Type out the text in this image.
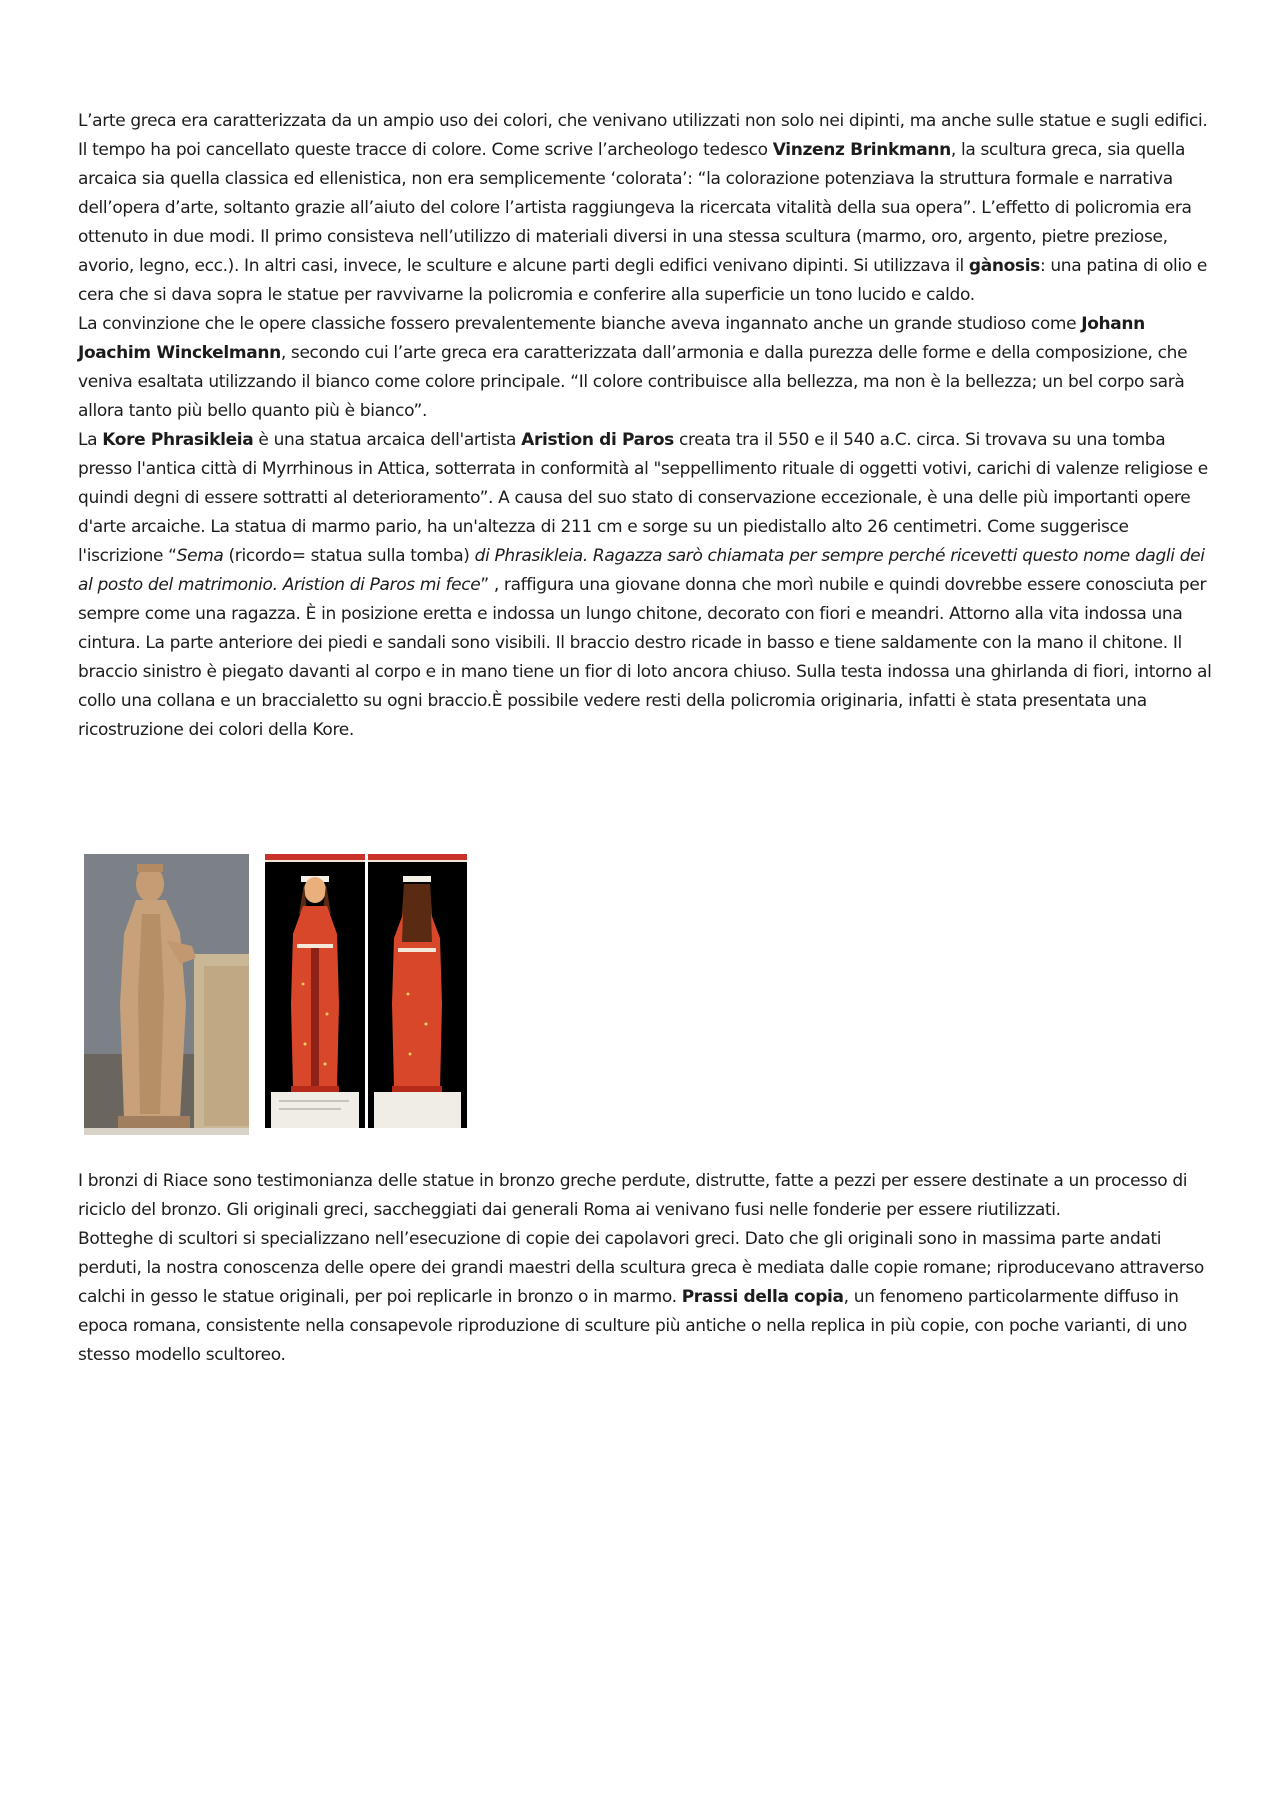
L’arte greca era caratterizzata da un ampio uso dei colori, che venivano utilizzati non solo nei dipinti, ma anche sulle statue e sugli edifici. Il tempo ha poi cancellato queste tracce di colore. Come scrive l’archeologo tedesco Vinzenz Brinkmann, la scultura greca, sia quella arcaica sia quella classica ed ellenistica, non era semplicemente ‘colorata’: “la colorazione potenziava la struttura formale e narrativa dell’opera d’arte, soltanto grazie all’aiuto del colore l’artista raggiungeva la ricercata vitalità della sua opera”. L’effetto di policromia era ottenuto in due modi. Il primo consisteva nell’utilizzo di materiali diversi in una stessa scultura (marmo, oro, argento, pietre preziose, avorio, legno, ecc.). In altri casi, invece, le sculture e alcune parti degli edifici venivano dipinti. Si utilizzava il gànosis: una patina di olio e cera che si dava sopra le statue per ravvivarne la policromia e conferire alla superficie un tono lucido e caldo.

La convinzione che le opere classiche fossero prevalentemente bianche aveva ingannato anche un grande studioso come Johann Joachim Winckelmann, secondo cui l’arte greca era caratterizzata dall’armonia e dalla purezza delle forme e della composizione, che veniva esaltata utilizzando il bianco come colore principale. “Il colore contribuisce alla bellezza, ma non è la bellezza; un bel corpo sarà allora tanto più bello quanto più è bianco”.

La Kore Phrasikleia è una statua arcaica dell'artista Aristion di Paros creata tra il 550 e il 540 a.C. circa. Si trovava su una tomba presso l'antica città di Myrrhinous in Attica, sotterrata in conformità al "seppellimento rituale di oggetti votivi, carichi di valenze religiose e quindi degni di essere sottratti al deterioramento”. A causa del suo stato di conservazione eccezionale, è una delle più importanti opere d'arte arcaiche. La statua di marmo pario, ha un'altezza di 211 cm e sorge su un piedistallo alto 26 centimetri. Come suggerisce l'iscrizione “Sema (ricordo= statua sulla tomba) di Phrasikleia. Ragazza sarò chiamata per sempre perché ricevetti questo nome dagli dei al posto del matrimonio. Aristion di Paros mi fece” , raffigura una giovane donna che morì nubile e quindi dovrebbe essere conosciuta per sempre come una ragazza. È in posizione eretta e indossa un lungo chitone, decorato con fiori e meandri. Attorno alla vita indossa una cintura. La parte anteriore dei piedi e sandali sono visibili. Il braccio destro ricade in basso e tiene saldamente con la mano il chitone. Il braccio sinistro è piegato davanti al corpo e in mano tiene un fior di loto ancora chiuso. Sulla testa indossa una ghirlanda di fiori, intorno al collo una collana e un braccialetto su ogni braccio.È possibile vedere resti della policromia originaria, infatti è stata presentata una ricostruzione dei colori della Kore.

I bronzi di Riace sono testimonianza delle statue in bronzo greche perdute, distrutte, fatte a pezzi per essere destinate a un processo di riciclo del bronzo. Gli originali greci, saccheggiati dai generali Roma ai venivano fusi nelle fonderie per essere riutilizzati.

Botteghe di scultori si specializzano nell’esecuzione di copie dei capolavori greci. Dato che gli originali sono in massima parte andati perduti, la nostra conoscenza delle opere dei grandi maestri della scultura greca è mediata dalle copie romane; riproducevano attraverso calchi in gesso le statue originali, per poi replicarle in bronzo o in marmo. Prassi della copia, un fenomeno particolarmente diffuso in epoca romana, consistente nella consapevole riproduzione di sculture più antiche o nella replica in più copie, con poche varianti, di uno stesso modello scultoreo.
